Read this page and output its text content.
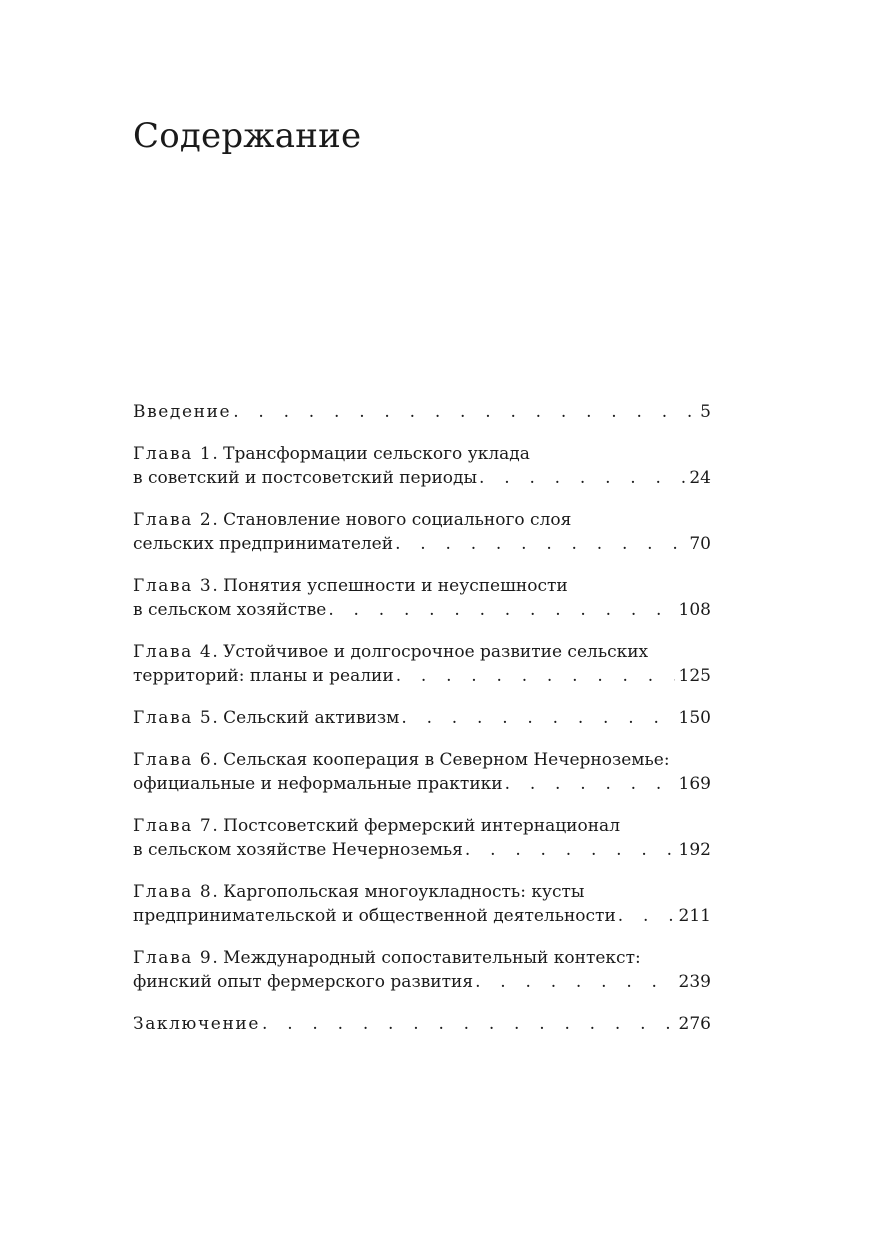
Содержание
Введение . . .	5
Глава 1 . Трансформации сельского уклада
в советский и постсоветский периоды . . .	24
Глава 2 . Становление нового социального слоя
сельских предпринимателей . . .	70
Глава 3 . Понятия успешности и неуспешности
в сельском хозяйстве . . .	108
Глава 4 . Устойчивое и долгосрочное развитие сельских
территорий: планы и реалии . . .	125
Глава 5 . Сельский активизм . . .	150
Глава 6 . Сельская кооперация в Северном Нечерноземье:
официальные и неформальные практики . . .	169
Глава 7 . Постсоветский фермерский интернационал
в сельском хозяйстве Нечерноземья . . .	192
Глава 8 . Каргопольская многоукладность: кусты
предпринимательской и общественной деятельности . . .	211
Глава 9 . Международный сопоставительный контекст:
финский опыт фермерского развития . . .	239
Заключение . . .	276
